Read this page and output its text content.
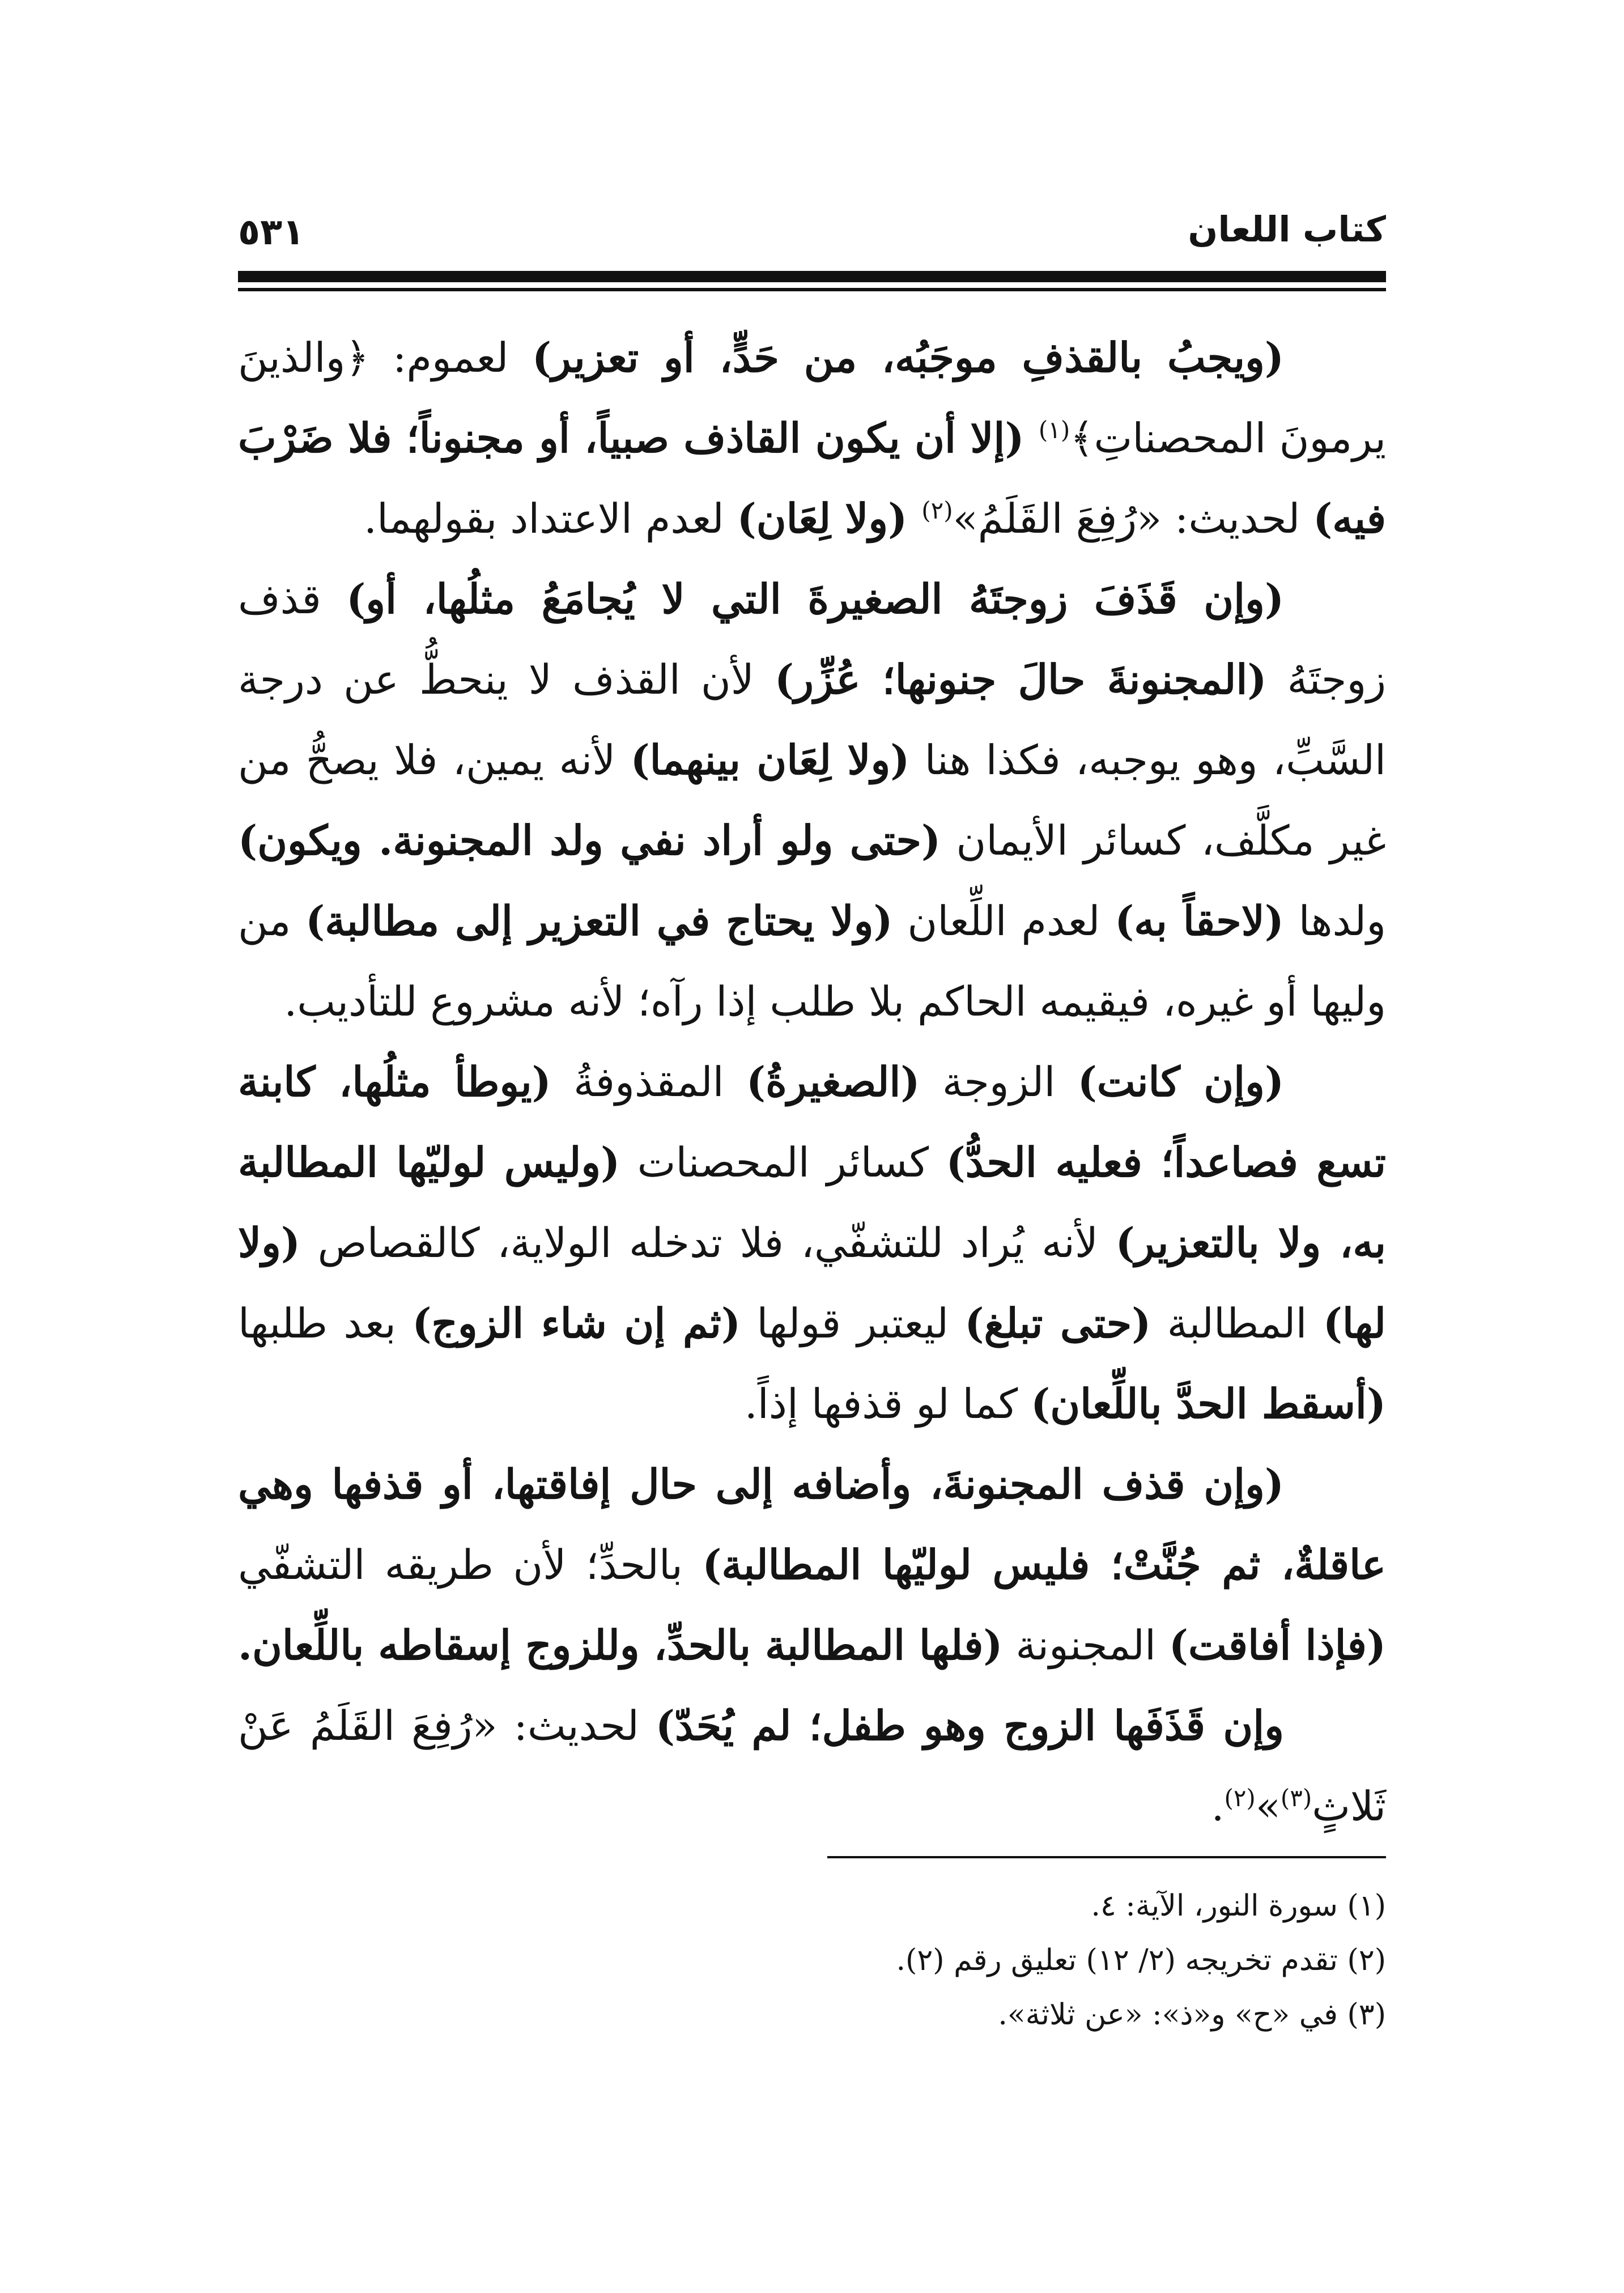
كتاب اللعان
٥٣١

(ويجبُ بالقذفِ موجَبُه، من حَدٍّ، أو تعزير) لعموم: ﴿والذينَ يرمونَ المحصناتِ﴾$^{(١)}$ (إلا أن يكون القاذف صبياً، أو مجنوناً؛ فلا ضَرْبَ فيه) لحديث: «رُفِعَ القَلَمُ»$^{(٢)}$ (ولا لِعَان) لعدم الاعتداد بقولهما.

(وإن قَذَفَ زوجتَهُ الصغيرةَ التي لا يُجامَعُ مثلُها، أو) قذف زوجتَهُ (المجنونةَ حالَ جنونها؛ عُزِّر) لأن القذف لا ينحطُّ عن درجة السَّبِّ، وهو يوجبه، فكذا هنا (ولا لِعَان بينهما) لأنه يمين، فلا يصحُّ من غير مكلَّف، كسائر الأيمان (حتى ولو أراد نفي ولد المجنونة. ويكون) ولدها (لاحقاً به) لعدم اللِّعان (ولا يحتاج في التعزير إلى مطالبة) من وليها أو غيره، فيقيمه الحاكم بلا طلب إذا رآه؛ لأنه مشروع للتأديب.

(وإن كانت) الزوجة (الصغيرةُ) المقذوفةُ (يوطأ مثلُها، كابنة تسع فصاعداً؛ فعليه الحدُّ) كسائر المحصنات (وليس لوليّها المطالبة به، ولا بالتعزير) لأنه يُراد للتشفّي، فلا تدخله الولاية، كالقصاص (ولا لها) المطالبة (حتى تبلغ) ليعتبر قولها (ثم إن شاء الزوج) بعد طلبها (أسقط الحدَّ باللِّعان) كما لو قذفها إذاً.

(وإن قذف المجنونةَ، وأضافه إلى حال إفاقتها، أو قذفها وهي عاقلةٌ، ثم جُنَّتْ؛ فليس لوليّها المطالبة) بالحدِّ؛ لأن طريقه التشفّي (فإذا أفاقت) المجنونة (فلها المطالبة بالحدِّ، وللزوج إسقاطه باللِّعان.

وإن قَذَفَها الزوج وهو طفل؛ لم يُحَدّ) لحديث: «رُفِعَ القَلَمُ عَنْ ثَلاثٍ$^{(٣)}$»$^{(٢)}$.

(١) سورة النور، الآية: ٤.

(٢) تقدم تخريجه (٢/ ١٢) تعليق رقم (٢).

(٣) في «ح» و«ذ»: «عن ثلاثة».
